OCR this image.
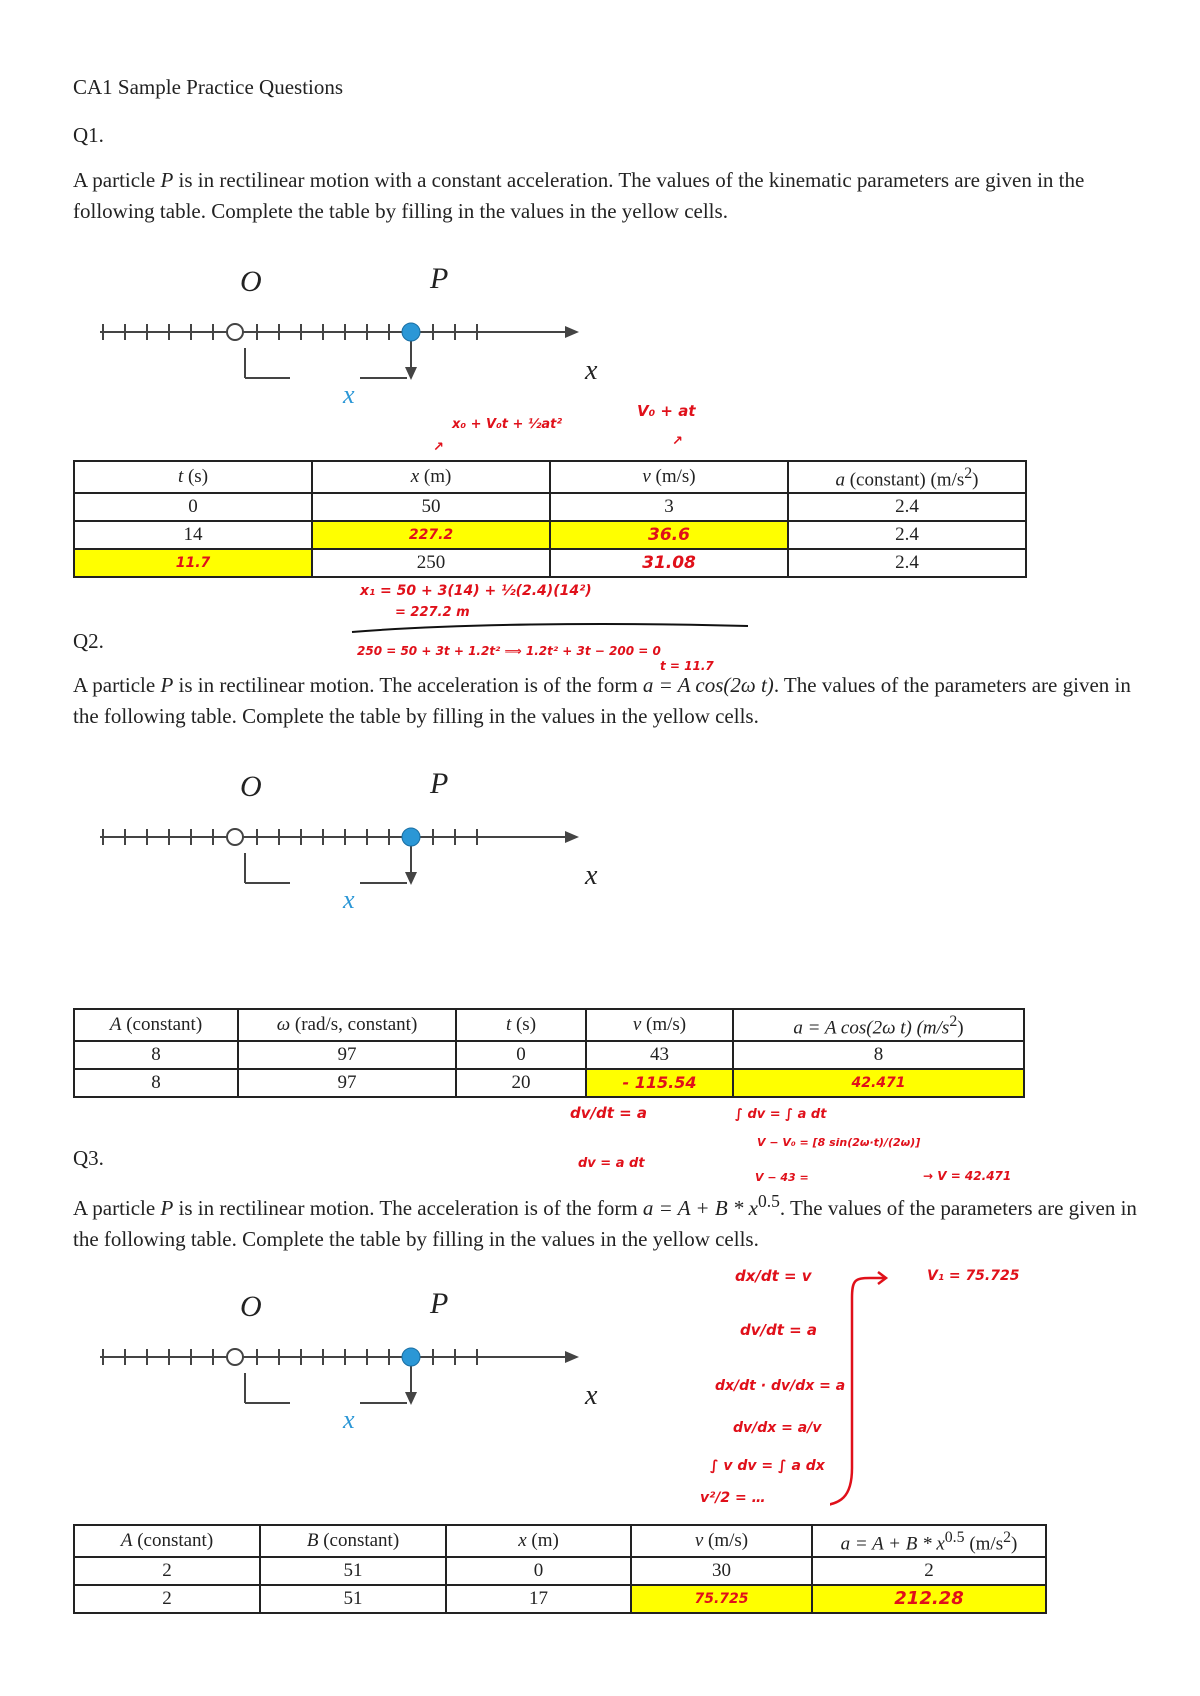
CA1 Sample Practice Questions
Q1.
A particle P is in rectilinear motion with a constant acceleration. The values of the kinematic parameters are given in the following table. Complete the table by filling in the values in the yellow cells.
O	P
x
x
x₀ + V₀t + ½at²
V₀ + at
↗	↗
t (s)	x (m)	v (m/s)	a (constant) $(m/s^2)$
0	50	3	2.4
14	227.2	36.6	2.4
11.7	250	31.08	2.4
x₁ = 50 + 3(14) + ½(2.4)(14²)
= 227.2 m
250 = 50 + 3t + 1.2t² ⟹ 1.2t² + 3t − 200 = 0
t = 11.7
Q2.
A particle P is in rectilinear motion. The acceleration is of the form a = A cos(2ω t). The values of the parameters are given in the following table. Complete the table by filling in the values in the yellow cells.
O	P
x
x
A (constant)	ω (rad/s, constant)	t (s)	v (m/s)	a = A cos(2ω t) $(m/s^2)$
8	97	0	43	8
8	97	20	- 115.54	42.471
dv/dt = a
dv = a dt
∫ dv = ∫ a dt
V − V₀ = [8 sin(2ω·t)/(2ω)]
V − 43 =	→ V = 42.471
Q3.
A particle P is in rectilinear motion. The acceleration is of the form $a = A + B * x^{0.5}$. The values of the parameters are given in the following table. Complete the table by filling in the values in the yellow cells.
O	P
x
x
dx/dt = v
dv/dt = a
dx/dt · dv/dx = a
dv/dx = a/v
∫ v dv = ∫ a dx
v²/2 = …
V₁ = 75.725
A (constant)	B (constant)	x (m)	v (m/s)	$a = A + B * x^{0.5}$ $(m/s^2)$
2	51	0	30	2
2	51	17	75.725	212.28
